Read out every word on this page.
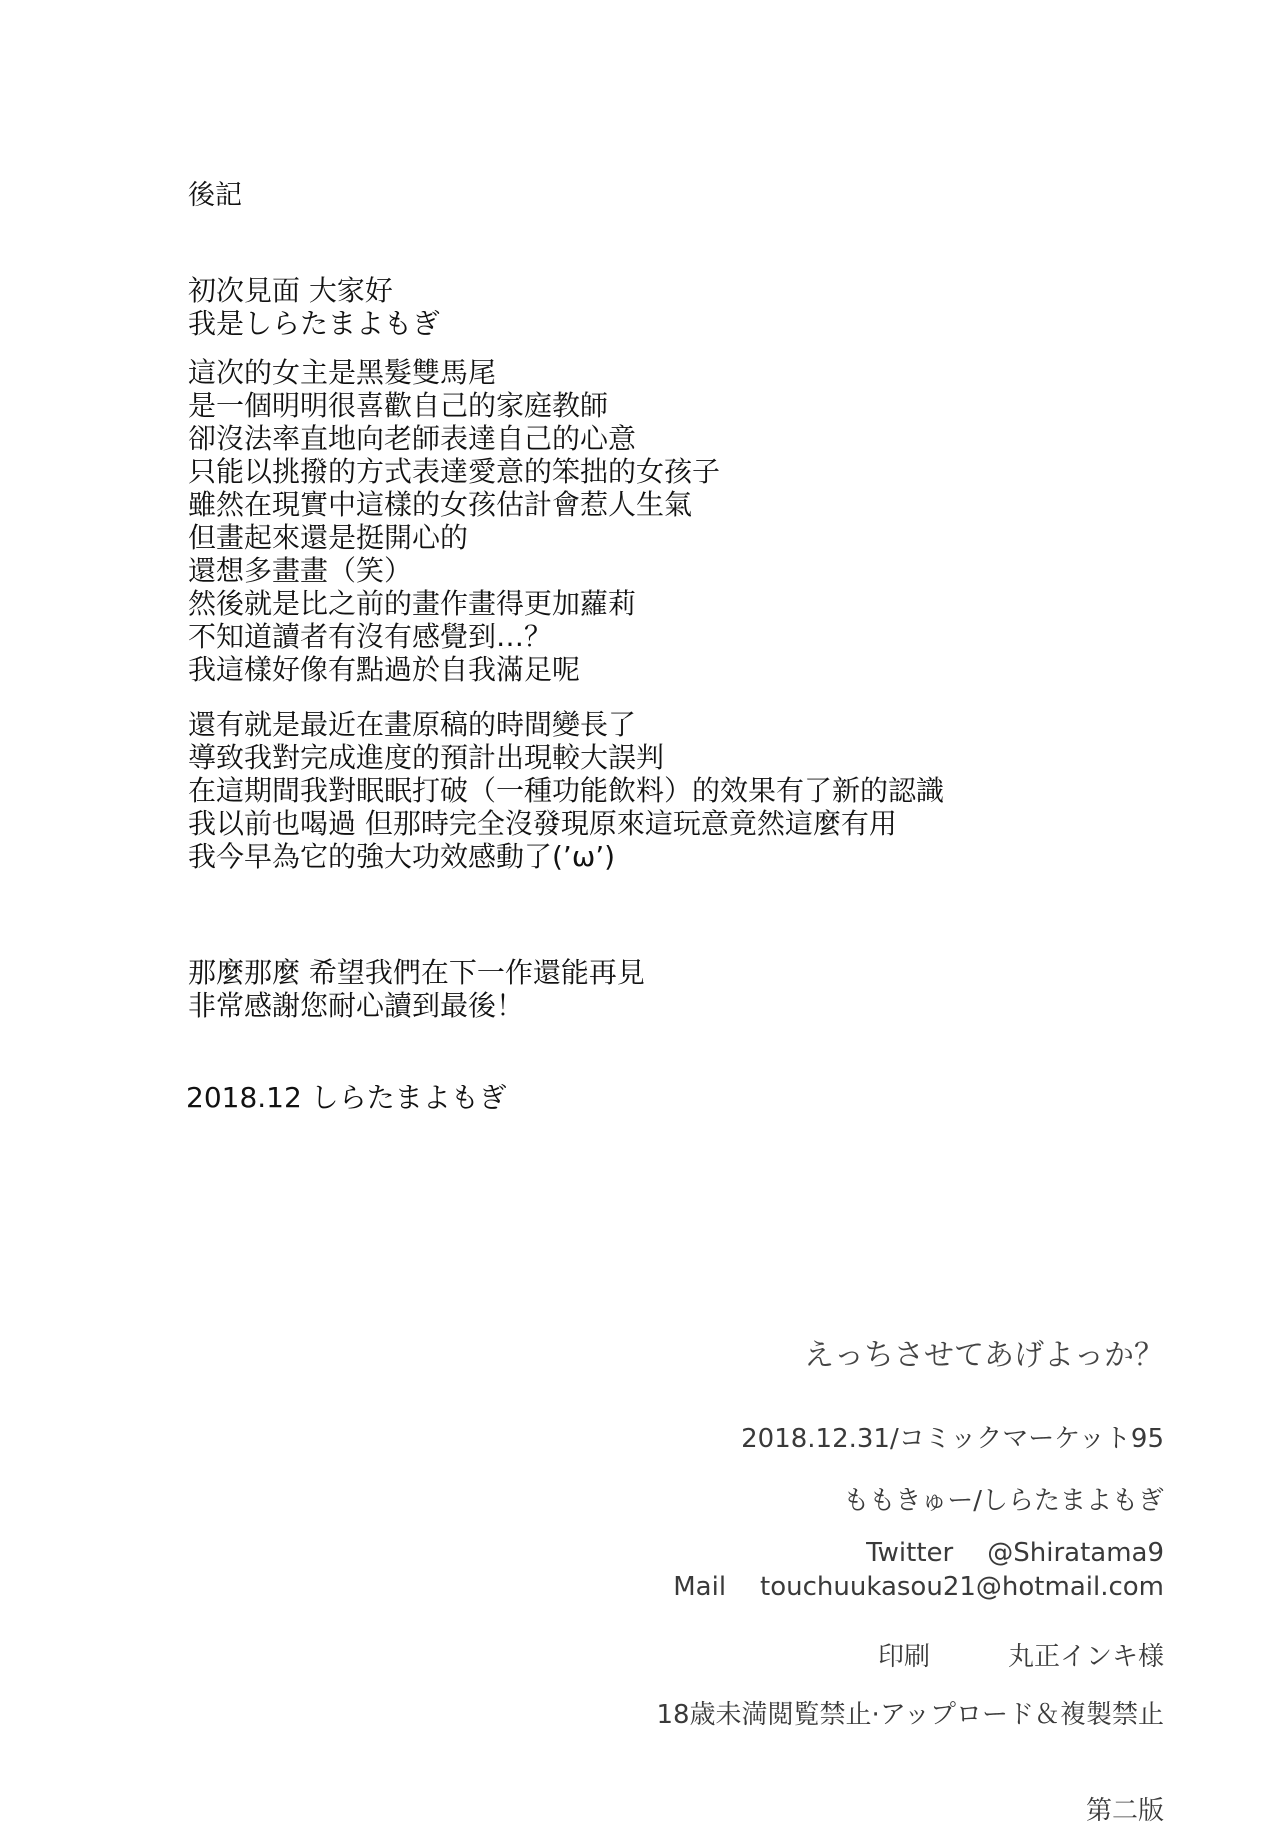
後記

初次見面 大家好
我是しらたまよもぎ
這次的女主是黑髮雙馬尾
是一個明明很喜歡自己的家庭教師
卻沒法率直地向老師表達自己的心意
只能以挑撥的方式表達愛意的笨拙的女孩子
雖然在現實中這樣的女孩估計會惹人生氣
但畫起來還是挺開心的
還想多畫畫（笑）
然後就是比之前的畫作畫得更加蘿莉
不知道讀者有沒有感覺到…？
我這樣好像有點過於自我滿足呢
還有就是最近在畫原稿的時間變長了
導致我對完成進度的預計出現較大誤判
在這期間我對眠眠打破（一種功能飲料）的效果有了新的認識
我以前也喝過 但那時完全沒發現原來這玩意竟然這麼有用
我今早為它的強大功效感動了(’ω’)
那麼那麼 希望我們在下一作還能再見
非常感謝您耐心讀到最後！
2018.12 しらたまよもぎ
えっちさせてあげよっか？
2018.12.31/コミックマーケット95
ももきゅー/しらたまよもぎ
Twitter @Shiratama9
Mail touchuukasou21@hotmail.com
印刷	丸正インキ様
18歳未満閲覧禁止·アップロード＆複製禁止
第二版
